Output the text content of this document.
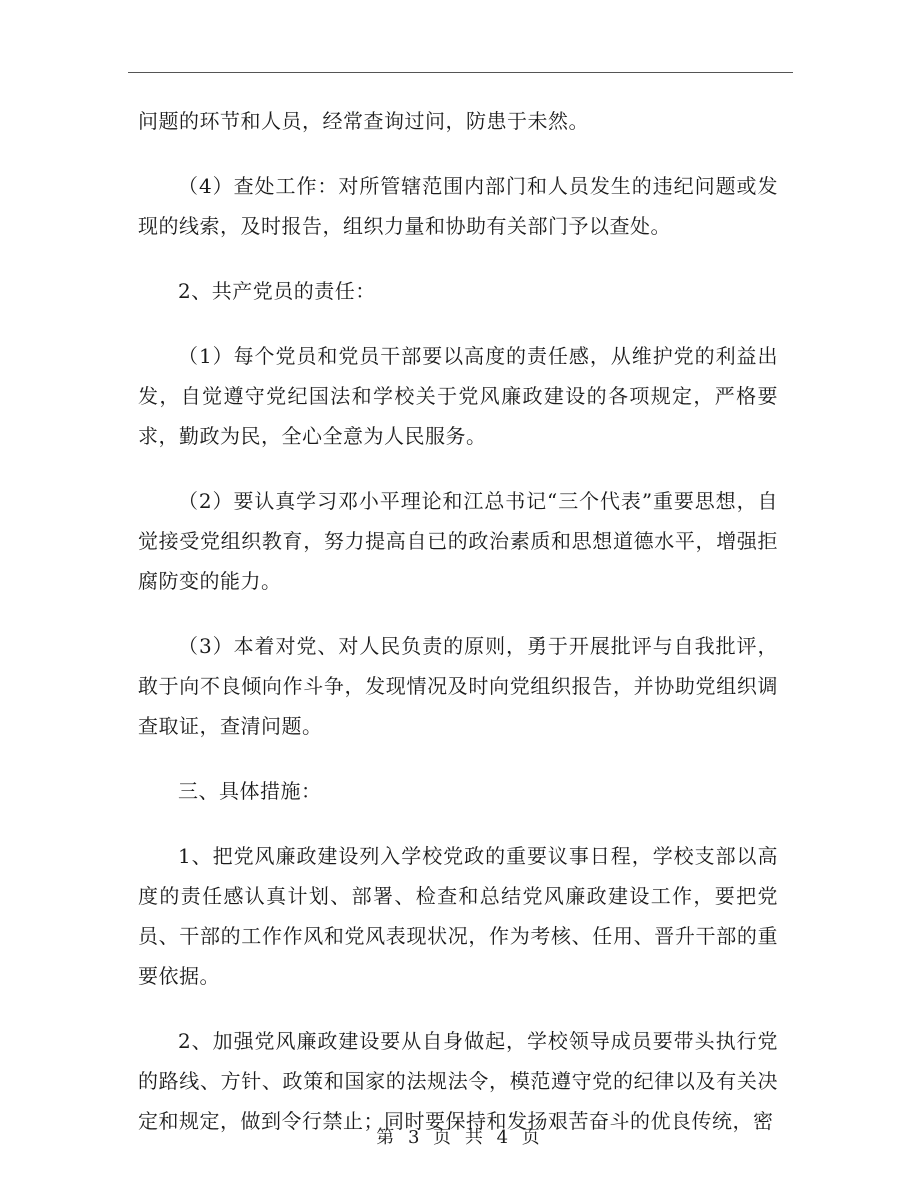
问题的环节和人员，经常查询过问，防患于未然。

（4）查处工作：对所管辖范围内部门和人员发生的违纪问题或发现的线索，及时报告，组织力量和协助有关部门予以查处。

2、共产党员的责任：

（1）每个党员和党员干部要以高度的责任感，从维护党的利益出发，自觉遵守党纪国法和学校关于党风廉政建设的各项规定，严格要求，勤政为民，全心全意为人民服务。

（2）要认真学习邓小平理论和江总书记“三个代表”重要思想，自觉接受党组织教育，努力提高自已的政治素质和思想道德水平，增强拒腐防变的能力。

（3）本着对党、对人民负责的原则，勇于开展批评与自我批评，敢于向不良倾向作斗争，发现情况及时向党组织报告，并协助党组织调查取证，查清问题。

三、具体措施：

1、把党风廉政建设列入学校党政的重要议事日程，学校支部以高度的责任感认真计划、部署、检查和总结党风廉政建设工作，要把党员、干部的工作作风和党风表现状况，作为考核、任用、晋升干部的重要依据。

2、加强党风廉政建设要从自身做起，学校领导成员要带头执行党的路线、方针、政策和国家的法规法令，模范遵守党的纪律以及有关决定和规定，做到令行禁止；同时要保持和发扬艰苦奋斗的优良传统，密

第 3 页 共 4 页
